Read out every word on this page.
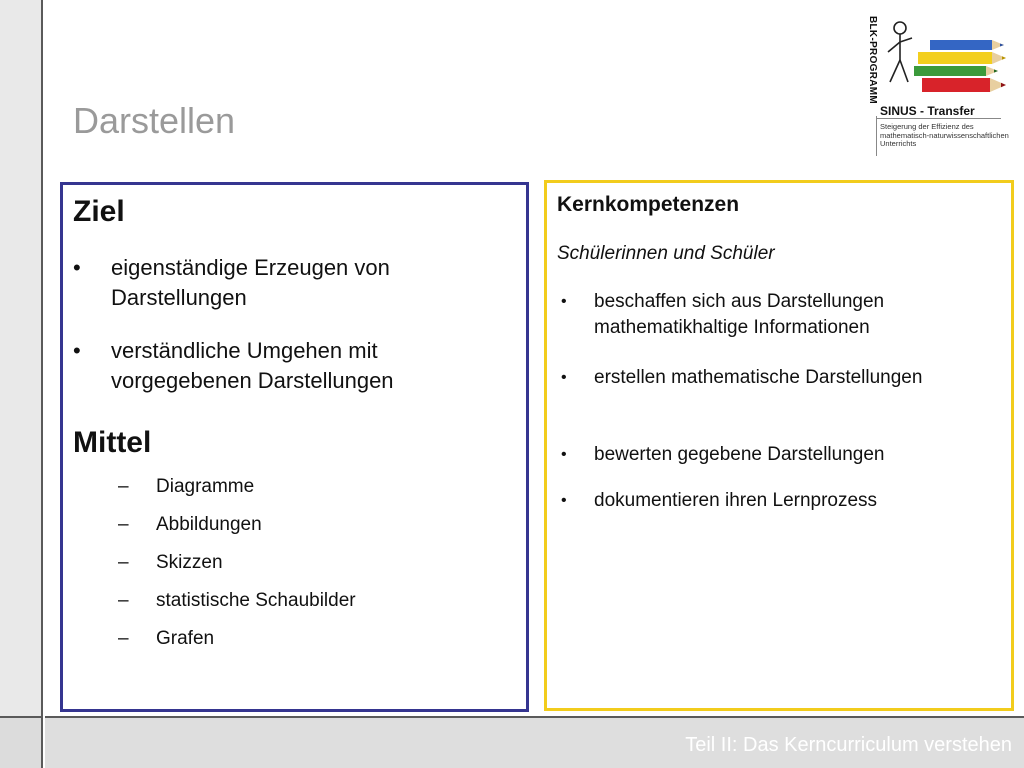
Darstellen
BLK-PROGRAMM
SINUS - Transfer
Steigerung der Effizienz des mathematisch-naturwissenschaftlichen Unterrichts
Ziel
• eigenständige Erzeugen von Darstellungen
• verständliche Umgehen mit vorgegebenen Darstellungen
Mittel
– Diagramme
– Abbildungen
– Skizzen
– statistische Schaubilder
– Grafen
Kernkompetenzen
Schülerinnen und Schüler
• beschaffen sich aus Darstellungen mathematikhaltige Informationen
• erstellen mathematische Darstellungen
• bewerten gegebene Darstellungen
• dokumentieren ihren Lernprozess
Teil II: Das Kerncurriculum verstehen
